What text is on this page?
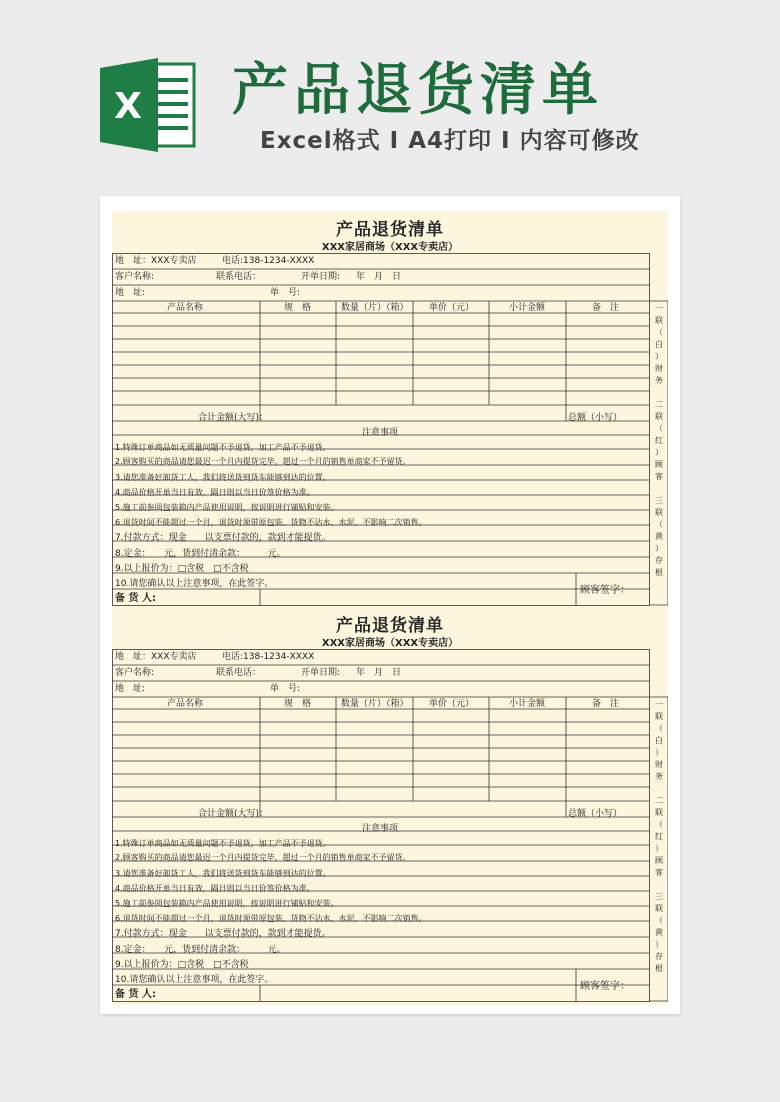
X 产品退货清单
Excel格式 Ⅰ A4打印 Ⅰ 内容可修改
产品退货清单
XXX家居商场（XXX专卖店）
地　址：XXX专卖店	电话:138-1234-XXXX
客户名称:	联系电话：	开单日期: 年　月　日
地　址:	单　号:
产品名称	规　格	数量（片）（箱） 单价（元）	小计金额	备　注
合计金额(大写)：	总额（小写）
注意事项
1.特殊订单商品如无质量问题不予退货，加工产品不予退货。
2.顾客购买的商品请您最迟一个月内提货完毕，超过一个月的销售单商家不予留货。
3.请您准备好卸货工人，我们将送货到货车能够到达的位置。
4.商品价格开单当日有效，隔日则以当日价签价格为准。
5.施工前参阅包装箱内产品使用说明，按说明进行铺贴和安装。
6.退货时间不能超过一个月，退货时须带原包装、货物不沾水、水泥、不影响二次销售。
7.付款方式：现金　　以支票付款的，款到才能提货。
8.定金：　　元，货到付清余款：　　　元。
9.以上报价为：□含税　□不含税
10.请您确认以上注意事项，在此签字。
备 货 人:
顾客签字：
一
联
（
白
）
财
务
二
联
（
红
）
顾
客
三
联
（
黄
）
存
根
产品退货清单
XXX家居商场（XXX专卖店）
地　址：XXX专卖店	电话:138-1234-XXXX
客户名称:	联系电话：	开单日期: 年　月　日
地　址:	单　号:
产品名称	规　格	数量（片）（箱） 单价（元）	小计金额	备　注
合计金额(大写)：	总额（小写）
注意事项
1.特殊订单商品如无质量问题不予退货，加工产品不予退货。
2.顾客购买的商品请您最迟一个月内提货完毕，超过一个月的销售单商家不予留货。
3.请您准备好卸货工人，我们将送货到货车能够到达的位置。
4.商品价格开单当日有效，隔日则以当日价签价格为准。
5.施工前参阅包装箱内产品使用说明，按说明进行铺贴和安装。
6.退货时间不能超过一个月，退货时须带原包装、货物不沾水、水泥、不影响二次销售。
7.付款方式：现金　　以支票付款的，款到才能提货。
8.定金：　　元，货到付清余款：　　　元。
9.以上报价为：□含税　□不含税
10.请您确认以上注意事项，在此签字。
备 货 人:
顾客签字：
一
联
（
白
）
财
务
二
联
（
红
）
顾
客
三
联
（
黄
）
存
根
